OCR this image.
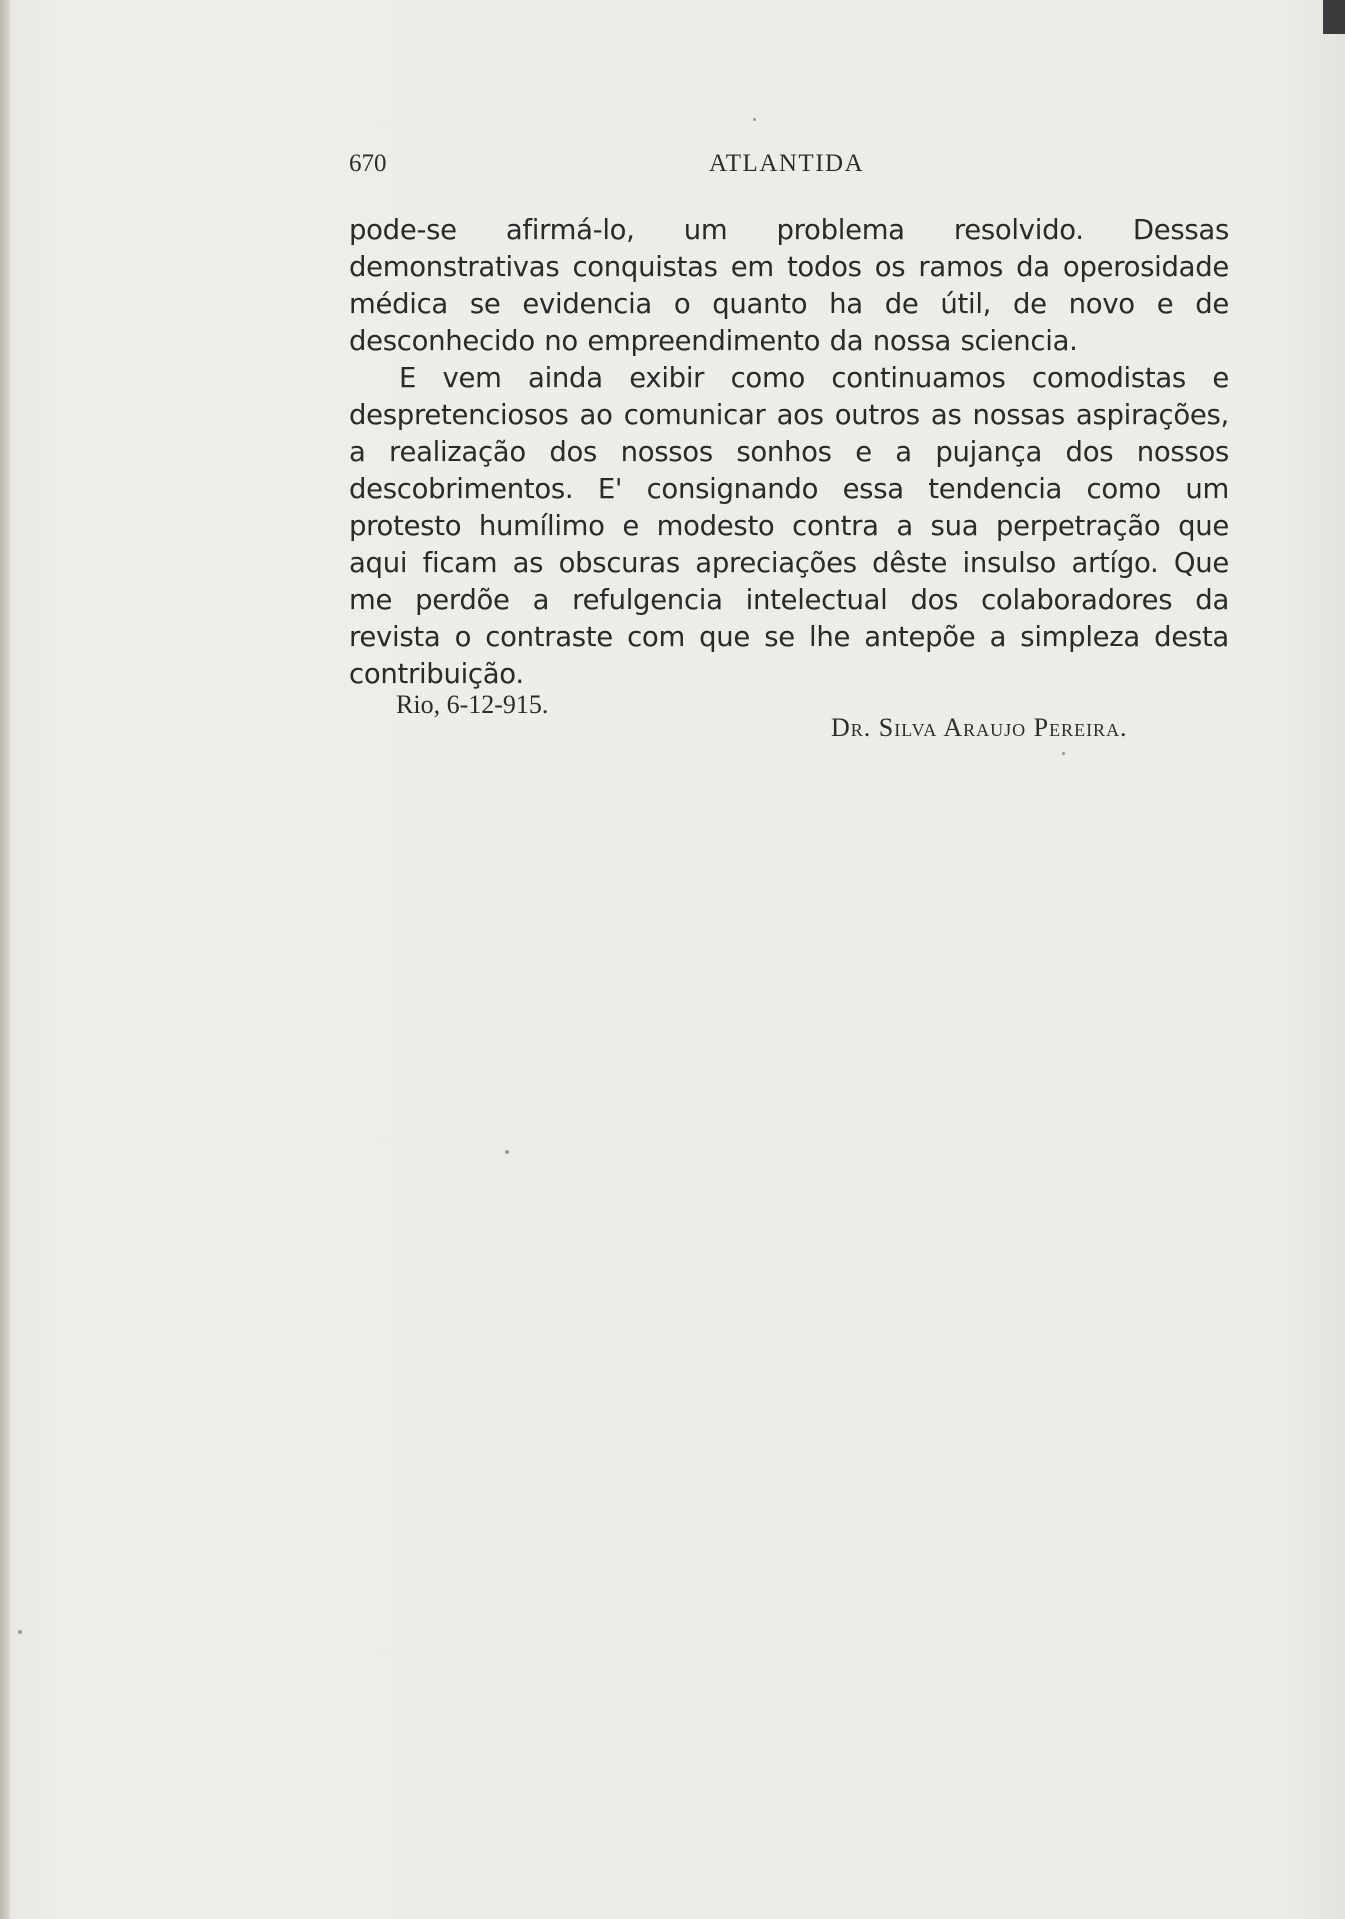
670	ATLANTIDA

pode-se afirmá-lo, um problema resolvido. Dessas demonstrativas conquistas em todos os ramos da operosidade médica se evidencia o quanto ha de útil, de novo e de desconhecido no empreendimento da nossa sciencia.

E vem ainda exibir como continuamos comodistas e despretenciosos ao comunicar aos outros as nossas aspirações, a realização dos nossos sonhos e a pujança dos nossos descobrimentos. E' consignando essa tendencia como um protesto humílimo e modesto contra a sua perpetração que aqui ficam as obscuras apreciações dêste insulso artígo. Que me perdõe a refulgencia intelectual dos colaboradores da revista o contraste com que se lhe antepõe a simpleza desta contribuição.

Rio, 6-12-915.
Dr. Silva Araujo Pereira.
